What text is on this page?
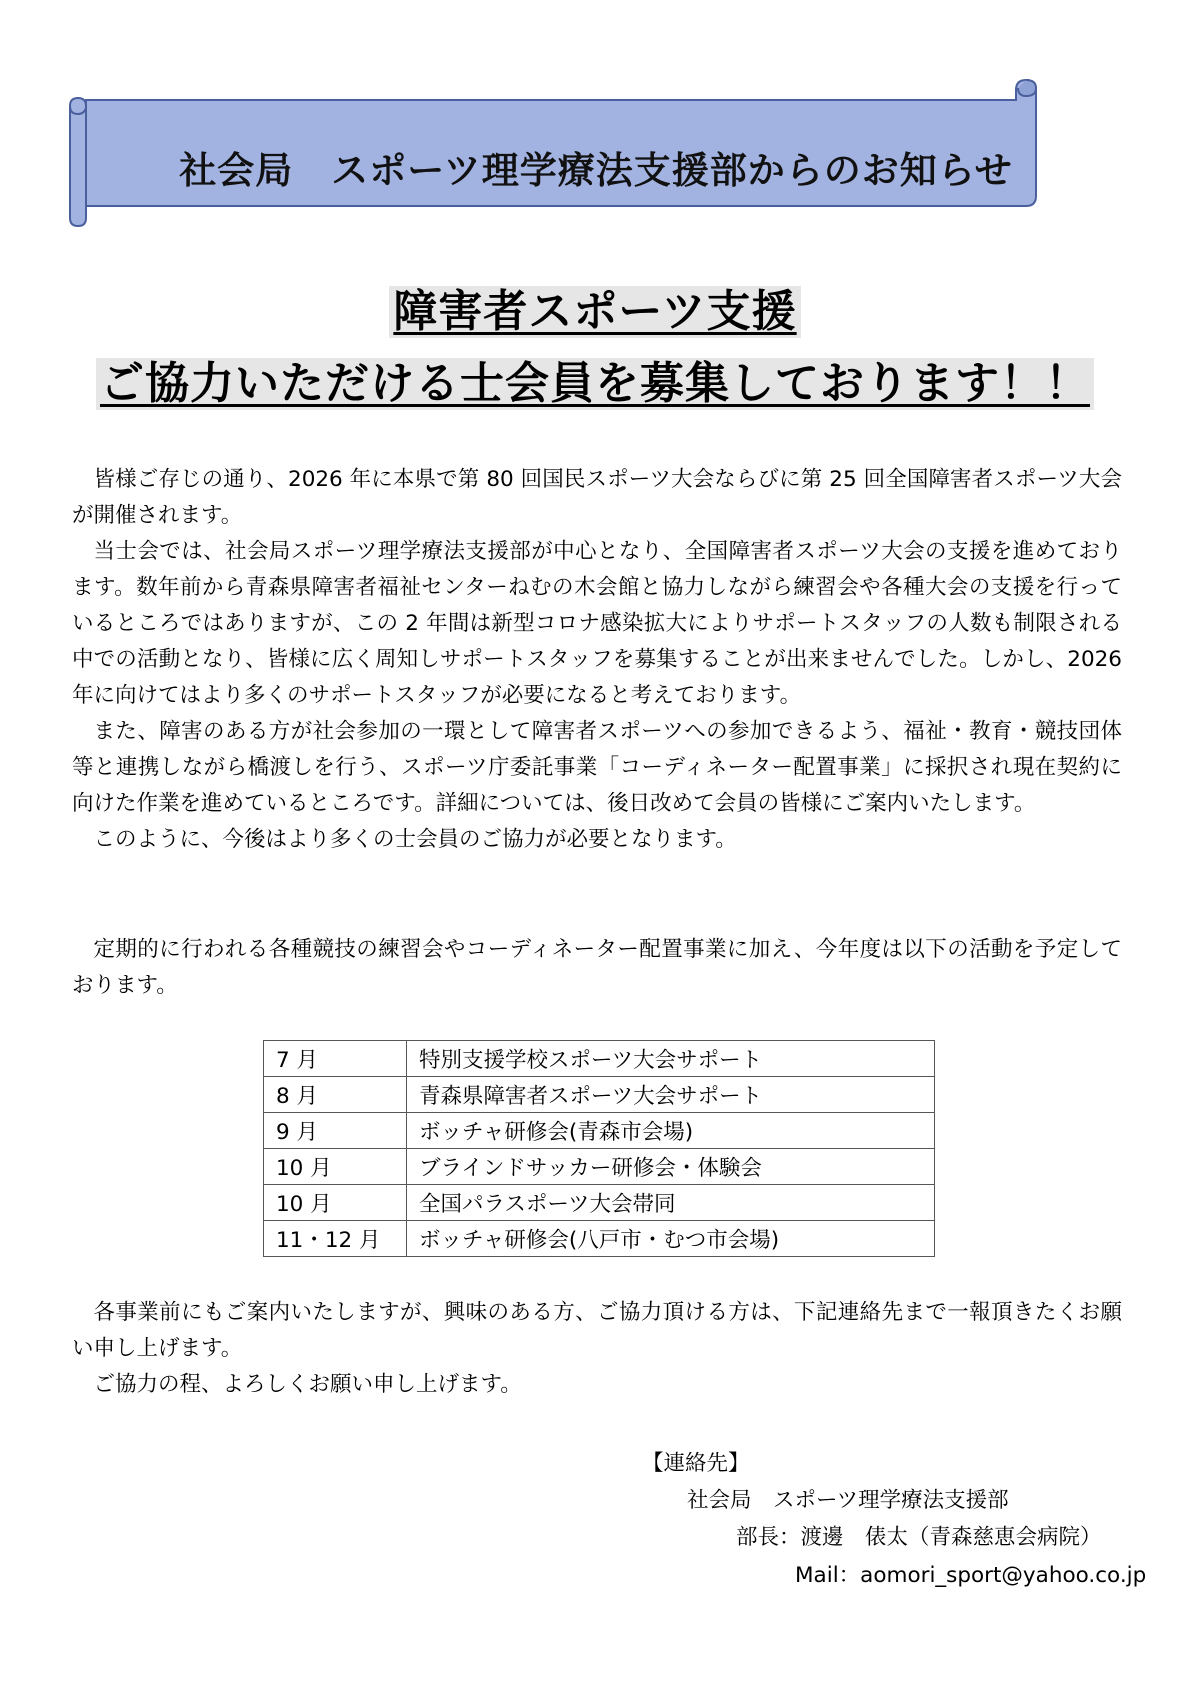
社会局　スポーツ理学療法支援部からのお知らせ
障害者スポーツ支援
ご協力いただける士会員を募集しております！！

皆様ご存じの通り、2026 年に本県で第 80 回国民スポーツ大会ならびに第 25 回全国障害者スポーツ大会が開催されます。

当士会では、社会局スポーツ理学療法支援部が中心となり、全国障害者スポーツ大会の支援を進めております。数年前から青森県障害者福祉センターねむの木会館と協力しながら練習会や各種大会の支援を行っているところではありますが、この 2 年間は新型コロナ感染拡大によりサポートスタッフの人数も制限される中での活動となり、皆様に広く周知しサポートスタッフを募集することが出来ませんでした。しかし、2026 年に向けてはより多くのサポートスタッフが必要になると考えております。

また、障害のある方が社会参加の一環として障害者スポーツへの参加できるよう、福祉・教育・競技団体等と連携しながら橋渡しを行う、スポーツ庁委託事業「コーディネーター配置事業」に採択され現在契約に向けた作業を進めているところです。詳細については、後日改めて会員の皆様にご案内いたします。

このように、今後はより多くの士会員のご協力が必要となります。

定期的に行われる各種競技の練習会やコーディネーター配置事業に加え、今年度は以下の活動を予定しております。

7 月	特別支援学校スポーツ大会サポート
8 月	青森県障害者スポーツ大会サポート
9 月	ボッチャ研修会(青森市会場)
10 月	ブラインドサッカー研修会・体験会
10 月	全国パラスポーツ大会帯同
11・12 月	ボッチャ研修会(八戸市・むつ市会場)

各事業前にもご案内いたしますが、興味のある方、ご協力頂ける方は、下記連絡先まで一報頂きたくお願い申し上げます。

ご協力の程、よろしくお願い申し上げます。

【連絡先】
社会局　スポーツ理学療法支援部
部長：渡邊　俵太（青森慈恵会病院）
Mail：aomori_sport@yahoo.co.jp
